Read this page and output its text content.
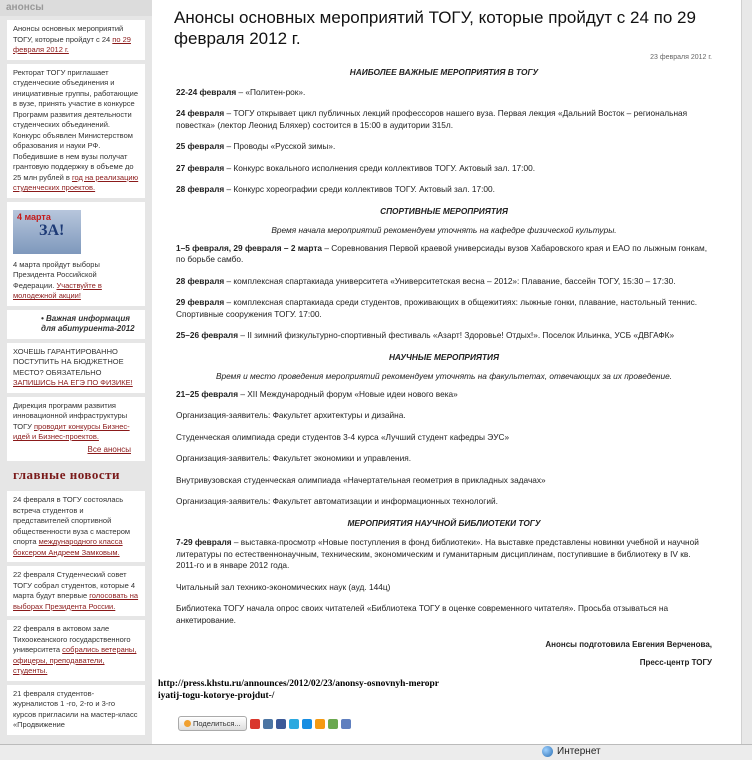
анонсы
Анонсы основных мероприятий ТОГУ, которые пройдут с 24 по 29 февраля 2012 г.
Ректорат ТОГУ приглашает студенческие объединения и инициативные группы, работающие в вузе, принять участие в конкурсе Программ развития деятельности студенческих объединений. Конкурс объявлен Министерством образования и науки РФ. Победившие в нем вузы получат грантовую поддержку в объеме до 25 млн рублей в год на реализацию студенческих проектов.
4 марта
ЗА!
4 марта пройдут выборы Президента Российской Федерации. Участвуйте в молодежной акции!
• Важная информация для абитуриента-2012
ХОЧЕШЬ ГАРАНТИРОВАННО ПОСТУПИТЬ НА БЮДЖЕТНОЕ МЕСТО? ОБЯЗАТЕЛЬНО ЗАПИШИСЬ НА ЕГЭ ПО ФИЗИКЕ!
Дирекция программ развития инновационной инфраструктуры ТОГУ проводит конкурсы Бизнес-идей и Бизнес-проектов.
Все анонсы
главные новости
24 февраля в ТОГУ состоялась встреча студентов и представителей спортивной общественности вуза с мастером спорта международного класса боксером Андреем Замковым.
22 февраля Студенческий совет ТОГУ собрал студентов, которые 4 марта будут впервые голосовать на выборах Президента России.
22 февраля в актовом зале Тихоокеанского государственного университета собрались ветераны, офицеры, преподаватели, студенты.
21 февраля студентов-журналистов 1 -го, 2-го и 3-го курсов пригласили на мастер-класс «Продвижение
Анонсы основных мероприятий ТОГУ, которые пройдут с 24 по 29 февраля 2012 г.
23 февраля 2012 г.
НАИБОЛЕЕ ВАЖНЫЕ МЕРОПРИЯТИЯ В ТОГУ
22-24 февраля – «Политен-рок».
24 февраля – ТОГУ открывает цикл публичных лекций профессоров нашего вуза. Первая лекция «Дальний Восток – региональная повестка» (лектор Леонид Бляхер) состоится в 15:00 в аудитории 315л.
25 февраля – Проводы «Русской зимы».
27 февраля – Конкурс вокального исполнения среди коллективов ТОГУ. Актовый зал. 17:00.
28 февраля – Конкурс хореографии среди коллективов ТОГУ. Актовый зал. 17:00.
СПОРТИВНЫЕ МЕРОПРИЯТИЯ
Время начала мероприятий рекомендуем уточнять на кафедре физической культуры.
1–5 февраля, 29 февраля – 2 марта – Соревнования Первой краевой универсиады вузов Хабаровского края и ЕАО по лыжным гонкам, по борьбе самбо.
28 февраля – комплексная спартакиада университета «Университетская весна – 2012»: Плавание, бассейн ТОГУ, 15:30 – 17:30.
29 февраля – комплексная спартакиада среди студентов, проживающих в общежитиях: лыжные гонки, плавание, настольный теннис. Спортивные сооружения ТОГУ. 17:00.
25–26 февраля – II зимний физкультурно-спортивный фестиваль «Азарт! Здоровье! Отдых!». Поселок Ильинка, УСБ «ДВГАФК»
НАУЧНЫЕ МЕРОПРИЯТИЯ
Время и место проведения мероприятий рекомендуем уточнять на факультетах, отвечающих за их проведение.
21–25 февраля – XII Международный форум «Новые идеи нового века»
Организация-заявитель: Факультет архитектуры и дизайна.
Студенческая олимпиада среди студентов 3-4 курса «Лучший студент кафедры ЭУС»
Организация-заявитель: Факультет экономики и управления.
Внутривузовская студенческая олимпиада «Начертательная геометрия в прикладных задачах»
Организация-заявитель: Факультет автоматизации и информационных технологий.
МЕРОПРИЯТИЯ НАУЧНОЙ БИБЛИОТЕКИ ТОГУ
7-29 февраля – выставка-просмотр «Новые поступления в фонд библиотеки». На выставке представлены новинки учебной и научной литературы по естественнонаучным, техническим, экономическим и гуманитарным дисциплинам, поступившие в библиотеку в IV кв. 2011-го и в январе 2012 года.
Читальный зал технико-экономических наук (ауд. 144ц)
Библиотека ТОГУ начала опрос своих читателей «Библиотека ТОГУ в оценке современного читателя». Просьба отзываться на анкетирование.
Анонсы подготовила Евгения Верченова,
Пресс-центр ТОГУ
http://press.khstu.ru/announces/2012/02/23/anonsy-osnovnyh-meropr
iyatij-togu-kotorye-projdut-/
Поделиться...
Интернет
